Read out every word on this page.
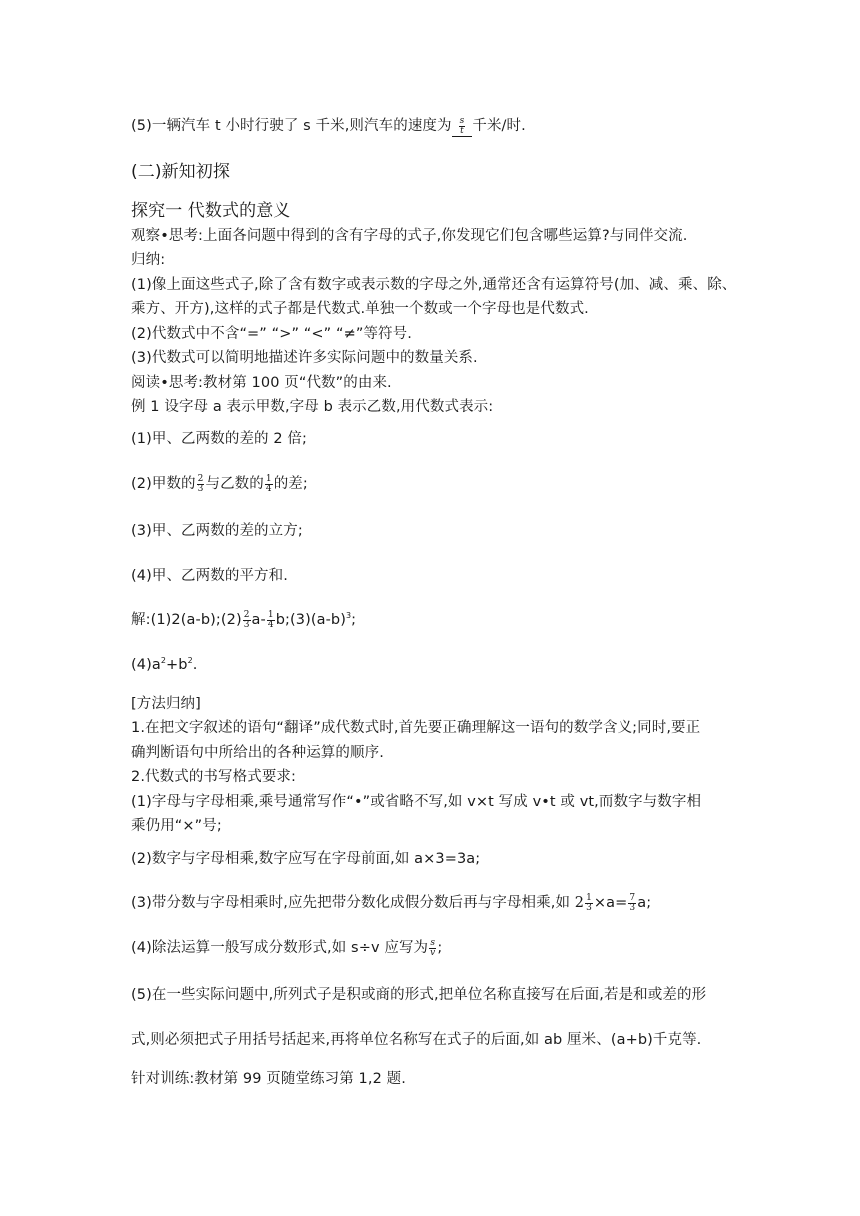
(5)一辆汽车 t 小时行驶了 s 千米,则汽车的速度为 $\frac{s}{t}$ 千米/时.
(二)新知初探
探究一 代数式的意义
观察•思考:上面各问题中得到的含有字母的式子,你发现它们包含哪些运算?与同伴交流.
归纳:
(1)像上面这些式子,除了含有数字或表示数的字母之外,通常还含有运算符号(加、减、乘、除、
乘方、开方),这样的式子都是代数式.单独一个数或一个字母也是代数式.
(2)代数式中不含“=” “>” “<” “≠”等符号.
(3)代数式可以简明地描述许多实际问题中的数量关系.
阅读•思考:教材第 100 页“代数”的由来.
例 1 设字母 a 表示甲数,字母 b 表示乙数,用代数式表示:
(1)甲、乙两数的差的 2 倍;
(2)甲数的 $\frac{2}{3}$ 与乙数的 $\frac{1}{4}$ 的差;
(3)甲、乙两数的差的立方;
(4)甲、乙两数的平方和.
解:(1)2(a-b);(2) $\frac{2}{3} a- \frac{1}{4}$ $b;(3)(a-b)^3$;
$(4)a^2+b^2$.
[方法归纳]
1.在把文字叙述的语句“翻译”成代数式时,首先要正确理解这一语句的数学含义;同时,要正
确判断语句中所给出的各种运算的顺序.
2.代数式的书写格式要求:
(1)字母与字母相乘,乘号通常写作“•”或省略不写,如 v×t 写成 v•t 或 vt,而数字与数字相
乘仍用“×”号;
(2)数字与字母相乘,数字应写在字母前面,如 a×3=3a;
(3)带分数与字母相乘时,应先把带分数化成假分数后再与字母相乘,如 $2 \frac{1}{3} \times a= \frac{7}{3} a$;
(4)除法运算一般写成分数形式,如 s÷v 应写为 $\frac{s}{v}$ ;
(5)在一些实际问题中,所列式子是积或商的形式,把单位名称直接写在后面,若是和或差的形
式,则必须把式子用括号括起来,再将单位名称写在式子的后面,如 ab 厘米、(a+b)千克等.
针对训练:教材第 99 页随堂练习第 1,2 题.
